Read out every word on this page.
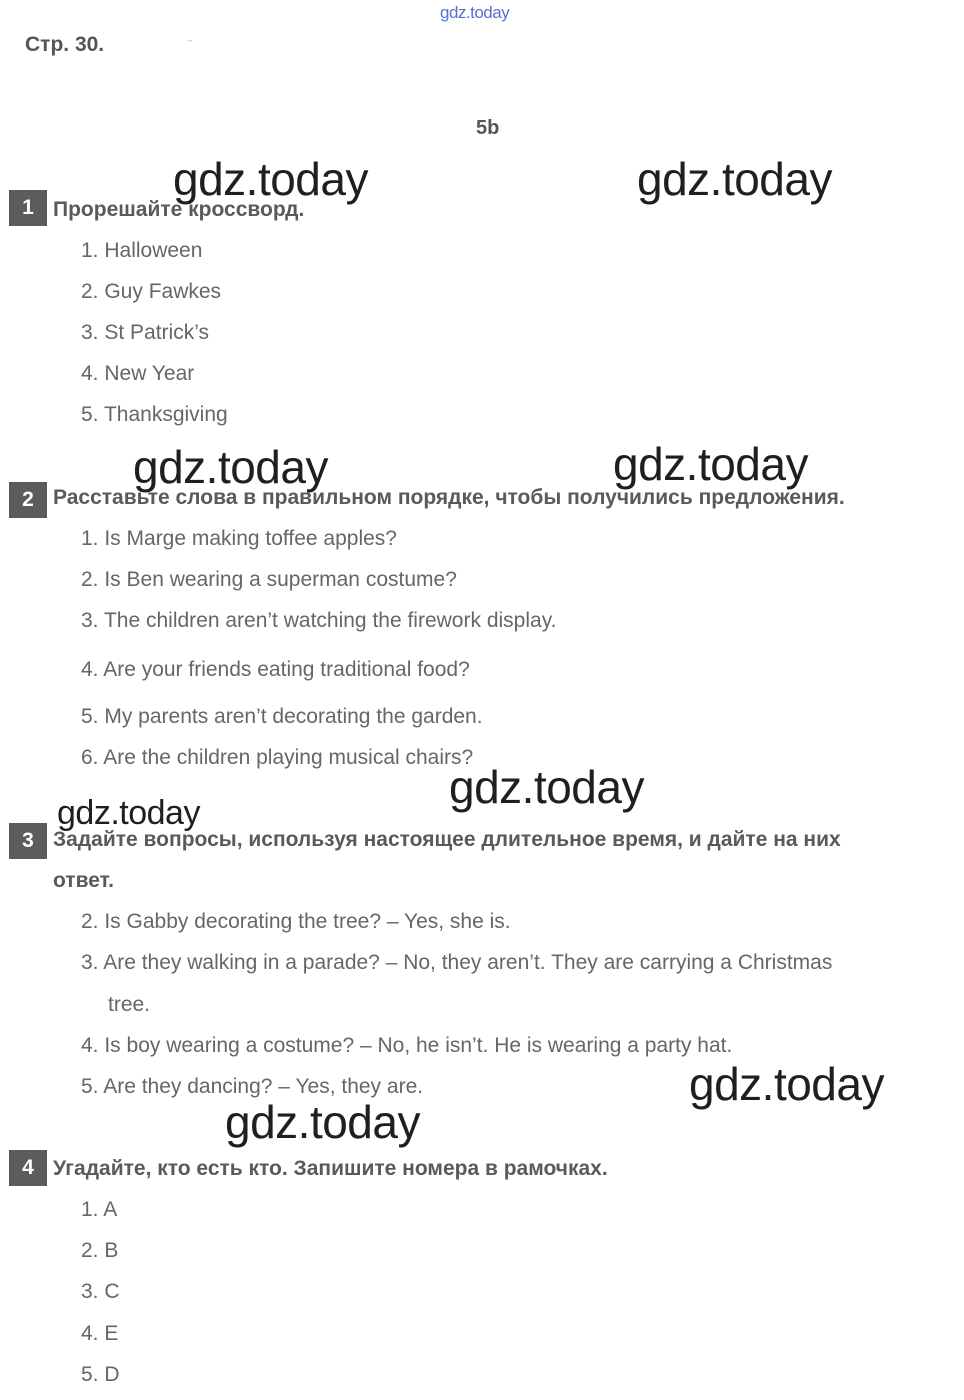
gdz.today
Стр. 30.	--
5b
gdz.today	gdz.today
gdz.today	gdz.today
gdz.today
gdz.today
gdz.today
gdz.today
1 Прорешайте кроссворд.
1. Halloween
2. Guy Fawkes
3. St Patrick’s
4. New Year
5. Thanksgiving
2 Расставьте слова в правильном порядке, чтобы получились предложения.
1. Is Marge making toffee apples?
2. Is Ben wearing a superman costume?
3. The children aren’t watching the firework display.
4. Are your friends eating traditional food?
5. My parents aren’t decorating the garden.
6. Are the children playing musical chairs?
3 Задайте вопросы, используя настоящее длительное время, и дайте на них
ответ.
2. Is Gabby decorating the tree? – Yes, she is.
3. Are they walking in a parade? – No, they aren’t. They are carrying a Christmas
tree.
4. Is boy wearing a costume? – No, he isn’t. He is wearing a party hat.
5. Are they dancing? – Yes, they are.
4 Угадайте, кто есть кто. Запишите номера в рамочках.
1. A
2. B
3. C
4. E
5. D
